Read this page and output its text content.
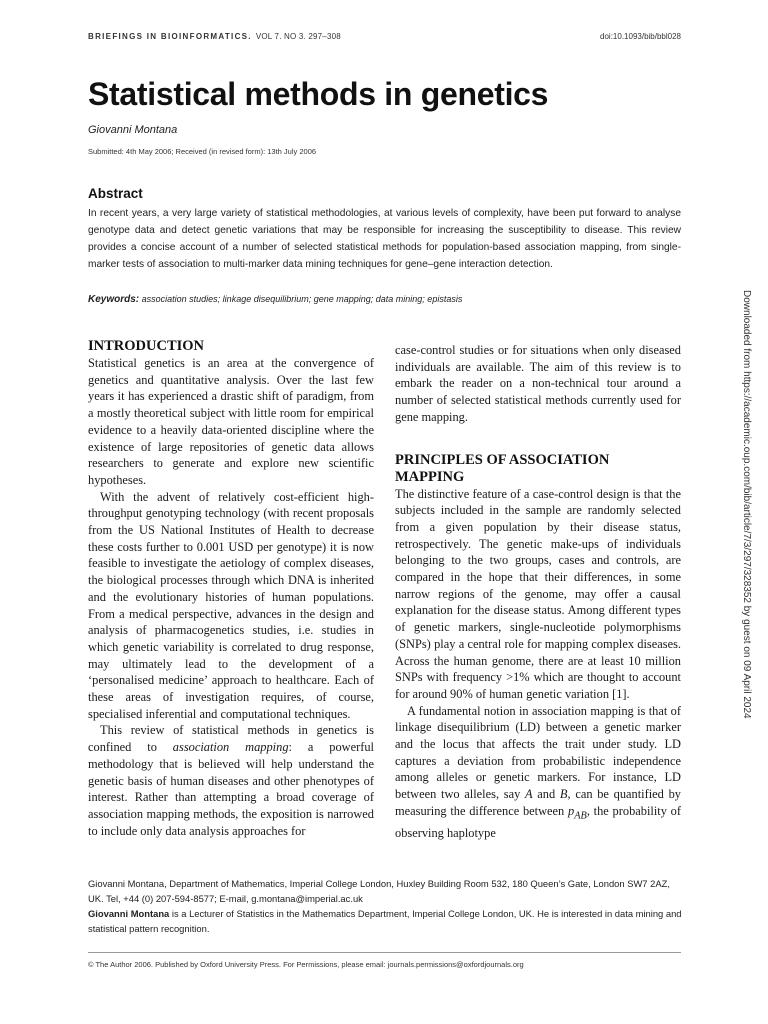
BRIEFINGS IN BIOINFORMATICS. VOL 7. NO 3. 297–308	doi:10.1093/bib/bbl028
Statistical methods in genetics
Giovanni Montana
Submitted: 4th May 2006; Received (in revised form): 13th July 2006
Abstract

In recent years, a very large variety of statistical methodologies, at various levels of complexity, have been put forward to analyse genotype data and detect genetic variations that may be responsible for increasing the susceptibility to disease. This review provides a concise account of a number of selected statistical methods for population-based association mapping, from single-marker tests of association to multi-marker data mining techniques for gene–gene interaction detection.

Keywords: association studies; linkage disequilibrium; gene mapping; data mining; epistasis
INTRODUCTION

Statistical genetics is an area at the convergence of genetics and quantitative analysis. Over the last few years it has experienced a drastic shift of paradigm, from a mostly theoretical subject with little room for empirical evidence to a heavily data-oriented discipline where the existence of large repositories of genetic data allows researchers to generate and explore new scientific hypotheses.

With the advent of relatively cost-efficient high-throughput genotyping technology (with recent proposals from the US National Institutes of Health to decrease these costs further to 0.001 USD per genotype) it is now feasible to investigate the aetiology of complex diseases, the biological processes through which DNA is inherited and the evolutionary histories of human populations. From a medical perspective, advances in the design and analysis of pharmacogenetics studies, i.e. studies in which genetic variability is correlated to drug response, may ultimately lead to the development of a ‘personalised medicine’ approach to healthcare. Each of these areas of investigation requires, of course, specialised inferential and computational techniques.

This review of statistical methods in genetics is confined to association mapping: a powerful methodology that is believed will help understand the genetic basis of human diseases and other phenotypes of interest. Rather than attempting a broad coverage of association mapping methods, the exposition is narrowed to include only data analysis approaches for

case-control studies or for situations when only diseased individuals are available. The aim of this review is to embark the reader on a non-technical tour around a number of selected statistical methods currently used for gene mapping.

PRINCIPLES OF ASSOCIATION MAPPING

The distinctive feature of a case-control design is that the subjects included in the sample are randomly selected from a given population by their disease status, retrospectively. The genetic make-ups of individuals belonging to the two groups, cases and controls, are compared in the hope that their differences, in some narrow regions of the genome, may offer a causal explanation for the disease status. Among different types of genetic markers, single-nucleotide polymorphisms (SNPs) play a central role for mapping complex diseases. Across the human genome, there are at least 10 million SNPs with frequency >1% which are thought to account for around 90% of human genetic variation [1].

A fundamental notion in association mapping is that of linkage disequilibrium (LD) between a genetic marker and the locus that affects the trait under study. LD captures a deviation from probabilistic independence among alleles or genetic markers. For instance, LD between two alleles, say A and B, can be quantified by measuring the difference between $p_{AB}$, the probability of observing haplotype

Giovanni Montana, Department of Mathematics, Imperial College London, Huxley Building Room 532, 180 Queen’s Gate, London SW7 2AZ, UK. Tel, +44 (0) 207-594-8577; E-mail, g.montana@imperial.ac.uk

Giovanni Montana is a Lecturer of Statistics in the Mathematics Department, Imperial College London, UK. He is interested in data mining and statistical pattern recognition.

© The Author 2006. Published by Oxford University Press. For Permissions, please email: journals.permissions@oxfordjournals.org
Downloaded from https://academic.oup.com/bib/article/7/3/297/328352 by guest on 09 April 2024
